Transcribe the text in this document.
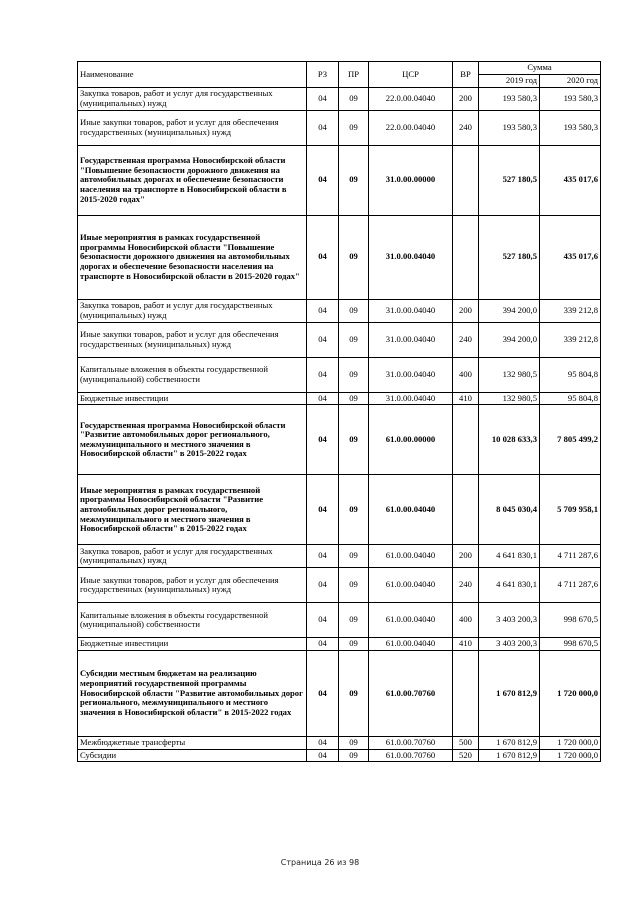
Наименование	РЗ	ПР	ЦСР	ВР	Сумма	
					2019 год	2020 год
Закупка товаров, работ и услуг для государственных (муниципальных) нужд	04	09	22.0.00.04040	200	193 580,3	193 580,3
Иные закупки товаров, работ и услуг для обеспечения государственных (муниципальных) нужд	04	09	22.0.00.04040	240	193 580,3	193 580,3
Государственная программа Новосибирской области "Повышение безопасности дорожного движения на автомобильных дорогах и обеспечение безопасности населения на транспорте в Новосибирской области в 2015-2020 годах"	04	09	31.0.00.00000		527 180,5	435 017,6
Иные мероприятия в рамках государственной программы Новосибирской области "Повышение безопасности дорожного движения на автомобильных дорогах и обеспечение безопасности населения на транспорте в Новосибирской области в 2015-2020 годах"	04	09	31.0.00.04040		527 180,5	435 017,6
Закупка товаров, работ и услуг для государственных (муниципальных) нужд	04	09	31.0.00.04040	200	394 200,0	339 212,8
Иные закупки товаров, работ и услуг для обеспечения государственных (муниципальных) нужд	04	09	31.0.00.04040	240	394 200,0	339 212,8
Капитальные вложения в объекты государственной (муниципальной) собственности	04	09	31.0.00.04040	400	132 980,5	95 804,8
Бюджетные инвестиции	04	09	31.0.00.04040	410	132 980,5	95 804,8
Государственная программа Новосибирской области "Развитие автомобильных дорог регионального, межмуниципального и местного значения в Новосибирской области" в 2015-2022 годах	04	09	61.0.00.00000		10 028 633,3	7 805 499,2
Иные мероприятия в рамках государственной программы Новосибирской области "Развитие автомобильных дорог регионального, межмуниципального и местного значения в Новосибирской области" в 2015-2022 годах	04	09	61.0.00.04040		8 045 030,4	5 709 958,1
Закупка товаров, работ и услуг для государственных (муниципальных) нужд	04	09	61.0.00.04040	200	4 641 830,1	4 711 287,6
Иные закупки товаров, работ и услуг для обеспечения государственных (муниципальных) нужд	04	09	61.0.00.04040	240	4 641 830,1	4 711 287,6
Капитальные вложения в объекты государственной (муниципальной) собственности	04	09	61.0.00.04040	400	3 403 200,3	998 670,5
Бюджетные инвестиции	04	09	61.0.00.04040	410	3 403 200,3	998 670,5
Субсидии местным бюджетам на реализацию мероприятий государственной программы Новосибирской области "Развитие автомобильных дорог регионального, межмуниципального и местного значения в Новосибирской области" в 2015-2022 годах	04	09	61.0.00.70760		1 670 812,9	1 720 000,0
Межбюджетные трансферты	04	09	61.0.00.70760	500	1 670 812,9	1 720 000,0
Субсидии	04	09	61.0.00.70760	520	1 670 812,9	1 720 000,0
Страница 26 из 98
